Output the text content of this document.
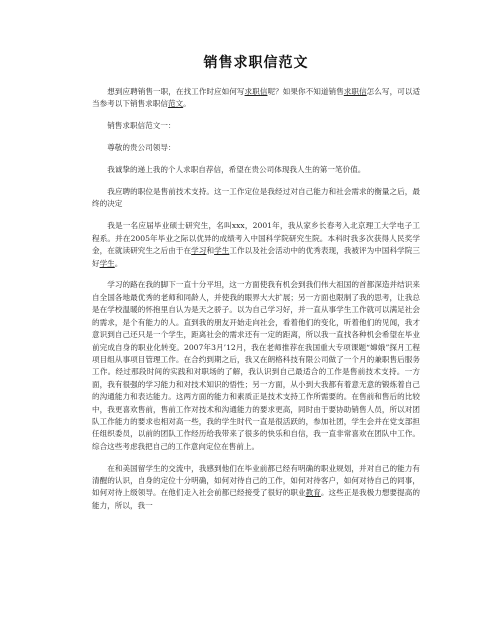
销售求职信范文

想到应聘销售一职，在找工作时应如何写求职信呢？如果你不知道销售求职信怎么写，可以适当参考以下销售求职信范文。

销售求职信范文一：

尊敬的贵公司领导：

我诚挚的递上我的个人求职自荐信，希望在贵公司体现我人生的第一笔价值。

我应聘的职位是售前技术支持。这一工作定位是我经过对自己能力和社会需求的衡量之后，最终的决定

我是一名应届毕业硕士研究生，名叫xxx，2001年，我从家乡长春考入北京理工大学电子工程系。并在2005年毕业之际以优异的成绩考入中国科学院研究生院。本科时我多次获得人民奖学金，在就读研究生之后由于在学习和学生工作以及社会活动中的优秀表现，我被评为中国科学院三好学生。

学习的路在我的脚下一直十分平坦，这一方面使我有机会到我们伟大祖国的首都深造并结识来自全国各地最优秀的老师和同龄人，并使我的眼界大大扩展；另一方面也限制了我的思考，让我总是在学校温暖的怀抱里自认为是天之骄子。以为自己学习好，并一直从事学生工作就可以满足社会的需求，是个有能力的人。直到我的朋友开始走向社会，看着他们的变化，听着他们的见闻，我才意识到自己还只是一个学生，距离社会的需求还有一定的距离，所以我一直找各种机会希望在毕业前完成自身的职业化转变。2007年3月’12月，我在老师推荐在我国重大专项课题“嫦娥”探月工程项目组从事项目管理工作。在合约到期之后，我又在朗格科技有限公司做了一个月的兼职售后服务工作。经过那段时间的实践和对职场的了解，我认识到自己最适合的工作是售前技术支持。一方面，我有很强的学习能力和对技术知识的悟性；另一方面，从小到大我都有着意无意的锻炼着自己的沟通能力和表达能力。这两方面的能力和素质正是技术支持工作所需要的。在售前和售后的比较中，我更喜欢售前，售前工作对技术和沟通能力的要求更高，同时由于要协助销售人员，所以对团队工作能力的要求也相对高一些，我的学生时代一直是很活跃的，参加社团，学生会并在党支部担任组织委员，以前的团队工作经历给我带来了很多的快乐和自信，我一直非常喜欢在团队中工作。综合这些考虑我把自己的工作意向定位在售前上。

在和美国留学生的交流中，我感到他们在毕业前都已经有明确的职业规划，并对自己的能力有清醒的认识，自身的定位十分明确，如何对待自己的工作，如何对待客户，如何对待自己的同事，如何对待上级领导。在他们走入社会前都已经接受了很好的职业教育。这些正是我极力想要提高的能力，所以，我一
